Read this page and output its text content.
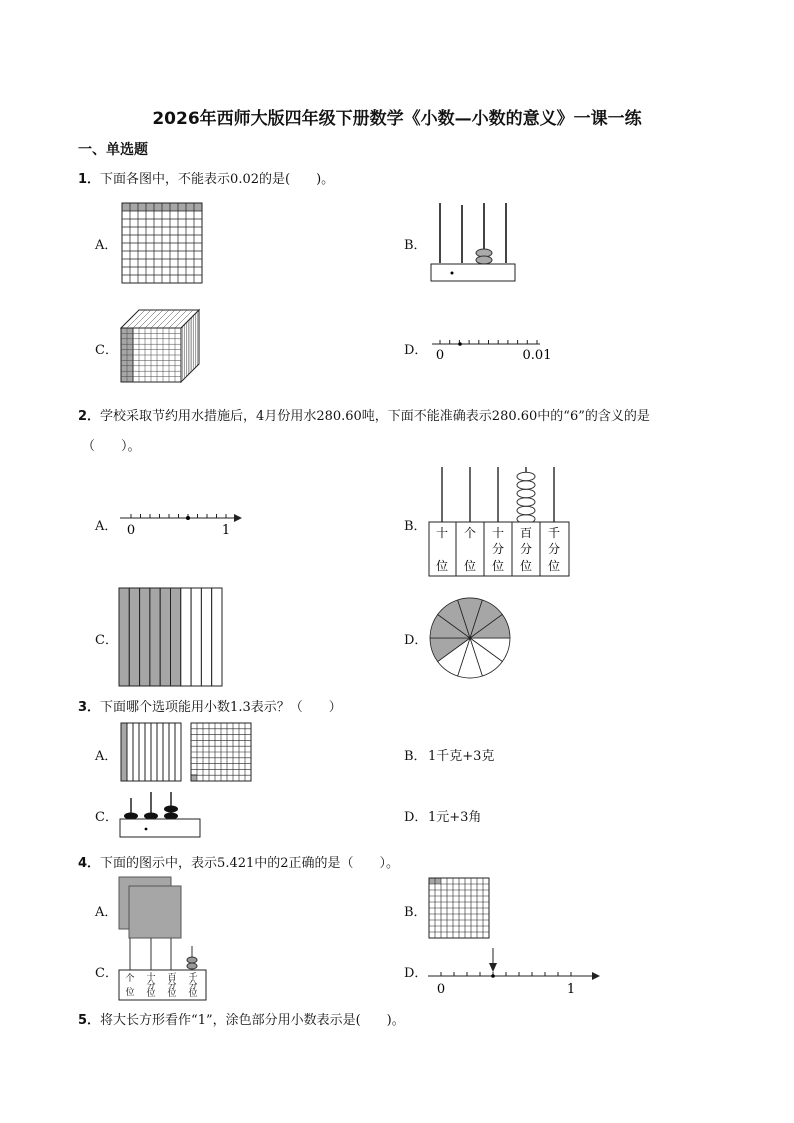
2026年西师大版四年级下册数学《小数—小数的意义》一课一练
一、单选题
1．下面各图中，不能表示0.02的是(　　)。
A．	B．
C．	D． 0	0.01
2．学校采取节约用水措施后，4月份用水280.60吨，下面不能准确表示280.60中的“6”的含义的是
（　　）。
A．	B．
C．	D．
0	1	十
位
个
位
十
分
位
百
分
位
千
分
位
3．下面哪个选项能用小数1.3表示？（　　）
A．	B．
C．	D．
1千克+3克
1元+3角
4．下面的图示中，表示5.421中的2正确的是（　　）。
A．	B．
C．	D．
个
位
十
分
位
百
分
位
千
分
位	0	1
5．将大长方形看作“1”，涂色部分用小数表示是(　　)。
